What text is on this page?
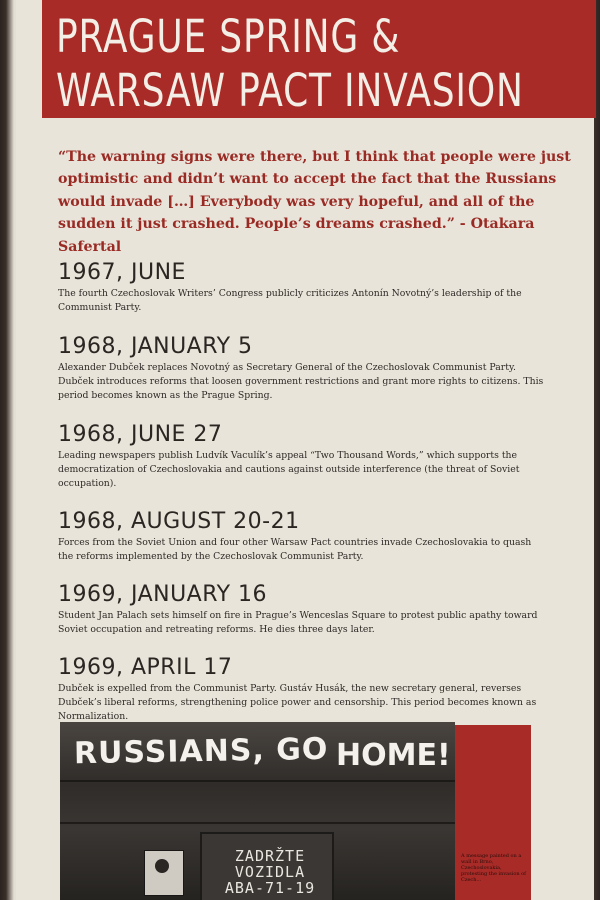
PRAGUE SPRING &
WARSAW PACT INVASION
“The warning signs were there, but I think that people were just optimistic and didn’t want to accept the fact that the Russians would invade […] Everybody was very hopeful, and all of the sudden it just crashed. People’s dreams crashed.” - Otakara Safertal
1967, JUNE
The fourth Czechoslovak Writers’ Congress publicly criticizes Antonín Novotný’s leadership of the Communist Party.
1968, JANUARY 5
Alexander Dubček replaces Novotný as Secretary General of the Czechoslovak Communist Party. Dubček introduces reforms that loosen government restrictions and grant more rights to citizens. This period becomes known as the Prague Spring.
1968, JUNE 27
Leading newspapers publish Ludvík Vaculík’s appeal “Two Thousand Words,” which supports the democratization of Czechoslovakia and cautions against outside interference (the threat of Soviet occupation).
1968, AUGUST 20-21
Forces from the Soviet Union and four other Warsaw Pact countries invade Czechoslovakia to quash the reforms implemented by the Czechoslovak Communist Party.
1969, JANUARY 16
Student Jan Palach sets himself on fire in Prague’s Wenceslas Square to protest public apathy toward Soviet occupation and retreating reforms. He dies three days later.
1969, APRIL 17
Dubček is expelled from the Communist Party. Gustáv Husák, the new secretary general, reverses Dubček’s liberal reforms, strengthening police power and censorship. This period becomes known as Normalization.
RUSSIANS, GO HOME!
ZADRŽTE
VOZIDLA
ABA-71-19
A message painted on a wall in Brno, Czechoslovakia, protesting the invasion of Czech...
